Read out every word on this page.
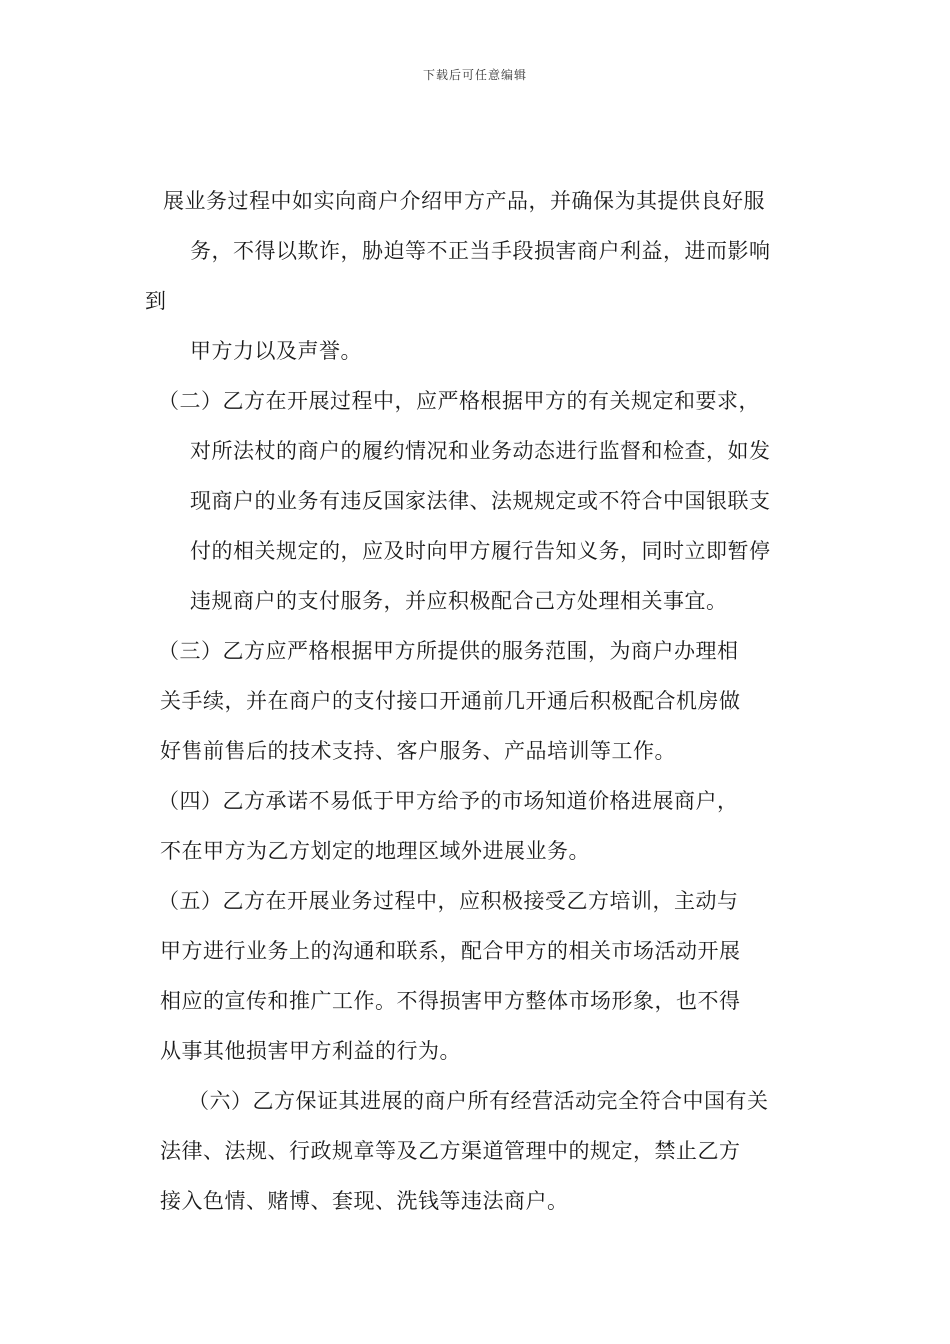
下载后可任意编辑
展业务过程中如实向商户介绍甲方产品，并确保为其提供良好服
务，不得以欺诈，胁迫等不正当手段损害商户利益，进而影响
到
甲方力以及声誉。
（二）乙方在开展过程中，应严格根据甲方的有关规定和要求，
对所法杖的商户的履约情况和业务动态进行监督和检查，如发
现商户的业务有违反国家法律、法规规定或不符合中国银联支
付的相关规定的，应及时向甲方履行告知义务，同时立即暂停
违规商户的支付服务，并应积极配合己方处理相关事宜。
（三）乙方应严格根据甲方所提供的服务范围，为商户办理相
关手续，并在商户的支付接口开通前几开通后积极配合机房做
好售前售后的技术支持、客户服务、产品培训等工作。
（四）乙方承诺不易低于甲方给予的市场知道价格进展商户，
不在甲方为乙方划定的地理区域外进展业务。
（五）乙方在开展业务过程中，应积极接受乙方培训，主动与
甲方进行业务上的沟通和联系，配合甲方的相关市场活动开展
相应的宣传和推广工作。不得损害甲方整体市场形象，也不得
从事其他损害甲方利益的行为。
（六）乙方保证其进展的商户所有经营活动完全符合中国有关
法律、法规、行政规章等及乙方渠道管理中的规定，禁止乙方
接入色情、赌博、套现、洗钱等违法商户。
